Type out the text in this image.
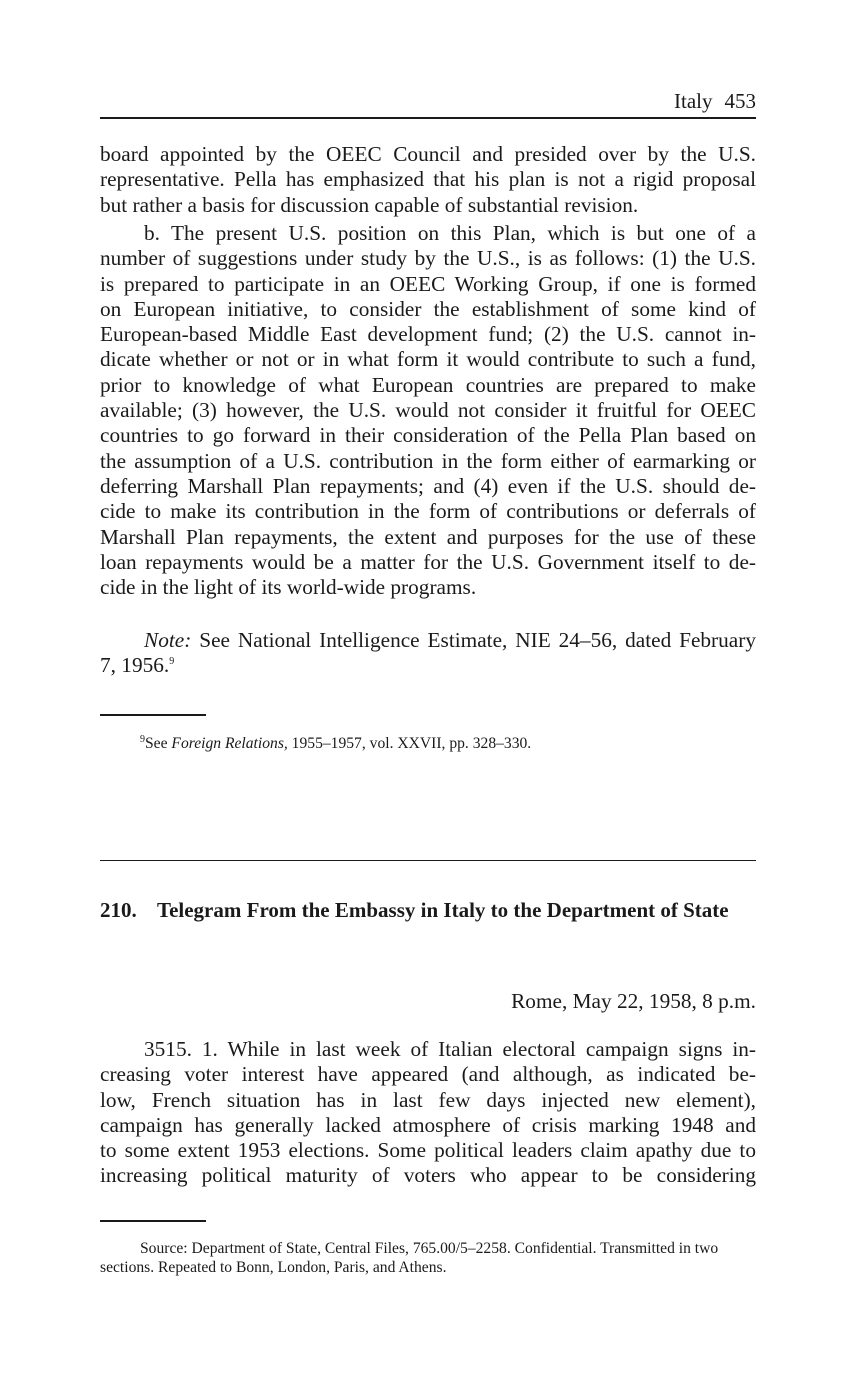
Italy 453
board appointed by the OEEC Council and presided over by the U.S.
representative. Pella has emphasized that his plan is not a rigid proposal
but rather a basis for discussion capable of substantial revision.
b. The present U.S. position on this Plan, which is but one of a
number of suggestions under study by the U.S., is as follows: (1) the U.S.
is prepared to participate in an OEEC Working Group, if one is formed
on European initiative, to consider the establishment of some kind of
European-based Middle East development fund; (2) the U.S. cannot in-
dicate whether or not or in what form it would contribute to such a fund,
prior to knowledge of what European countries are prepared to make
available; (3) however, the U.S. would not consider it fruitful for OEEC
countries to go forward in their consideration of the Pella Plan based on
the assumption of a U.S. contribution in the form either of earmarking or
deferring Marshall Plan repayments; and (4) even if the U.S. should de-
cide to make its contribution in the form of contributions or deferrals of
Marshall Plan repayments, the extent and purposes for the use of these
loan repayments would be a matter for the U.S. Government itself to de-
cide in the light of its world-wide programs.
Note: See National Intelligence Estimate, NIE 24–56, dated February
7, 1956.$^9$

$^9$See Foreign Relations, 1955–1957, vol. XXVII, pp. 328–330.

210. Telegram From the Embassy in Italy to the Department of State
Rome, May 22, 1958, 8 p.m.
3515. 1. While in last week of Italian electoral campaign signs in-
creasing voter interest have appeared (and although, as indicated be-
low, French situation has in last few days injected new element),
campaign has generally lacked atmosphere of crisis marking 1948 and
to some extent 1953 elections. Some political leaders claim apathy due to
increasing political maturity of voters who appear to be considering

Source: Department of State, Central Files, 765.00/5–2258. Confidential. Transmitted in two sections. Repeated to Bonn, London, Paris, and Athens.
